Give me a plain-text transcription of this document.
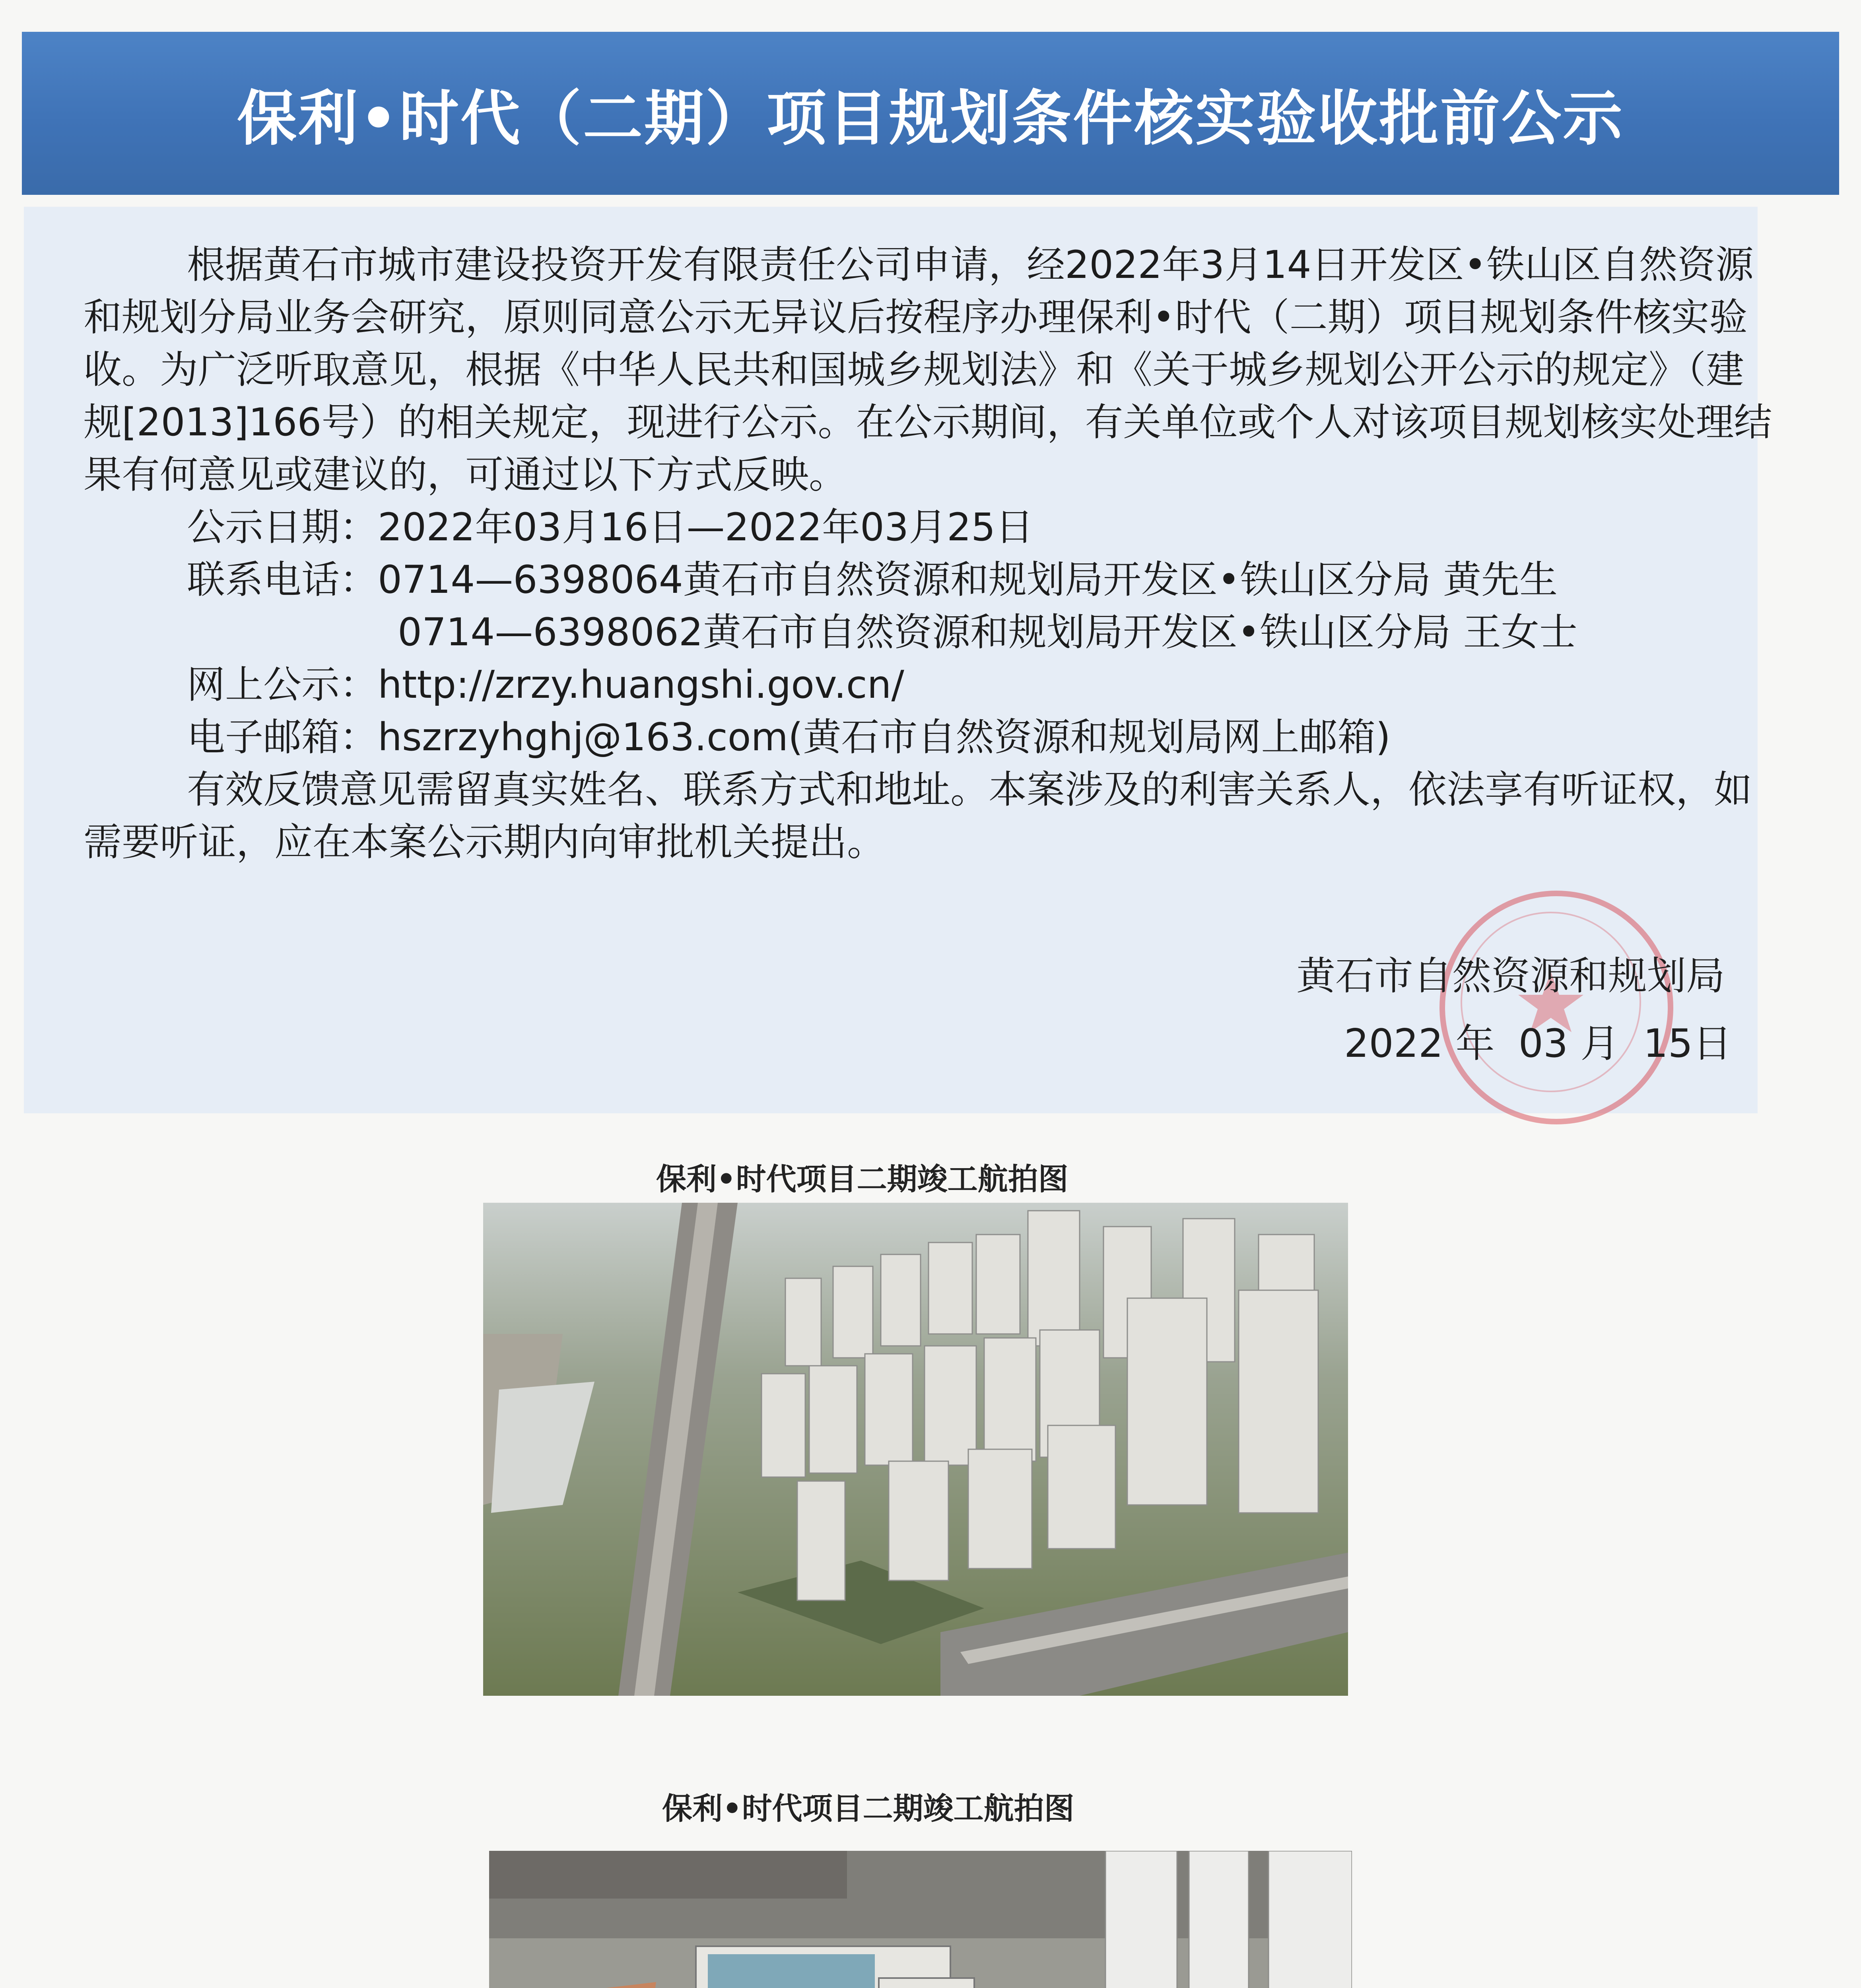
保利•时代（二期）项目规划条件核实验收批前公示

根据黄石市城市建设投资开发有限责任公司申请，经2022年3月14日开发区•铁山区自然资源和规划分局业务会研究，原则同意公示无异议后按程序办理保利•时代（二期）项目规划条件核实验收。为广泛听取意见，根据《中华人民共和国城乡规划法》和《关于城乡规划公开公示的规定》（建规[2013]166号）的相关规定，现进行公示。在公示期间，有关单位或个人对该项目规划核实处理结果有何意见或建议的，可通过以下方式反映。

公示日期：2022年03月16日—2022年03月25日

联系电话：0714—6398064黄石市自然资源和规划局开发区•铁山区分局 黄先生

0714—6398062黄石市自然资源和规划局开发区•铁山区分局 王女士

网上公示：http://zrzy.huangshi.gov.cn/

电子邮箱：hszrzyhghj@163.com(黄石市自然资源和规划局网上邮箱)

有效反馈意见需留真实姓名、联系方式和地址。本案涉及的利害关系人，依法享有听证权，如需要听证，应在本案公示期内向审批机关提出。

黄石市自然资源和规划局
2022 年 03 月 15日
保利•时代项目二期竣工航拍图
保利•时代项目二期竣工航拍图
